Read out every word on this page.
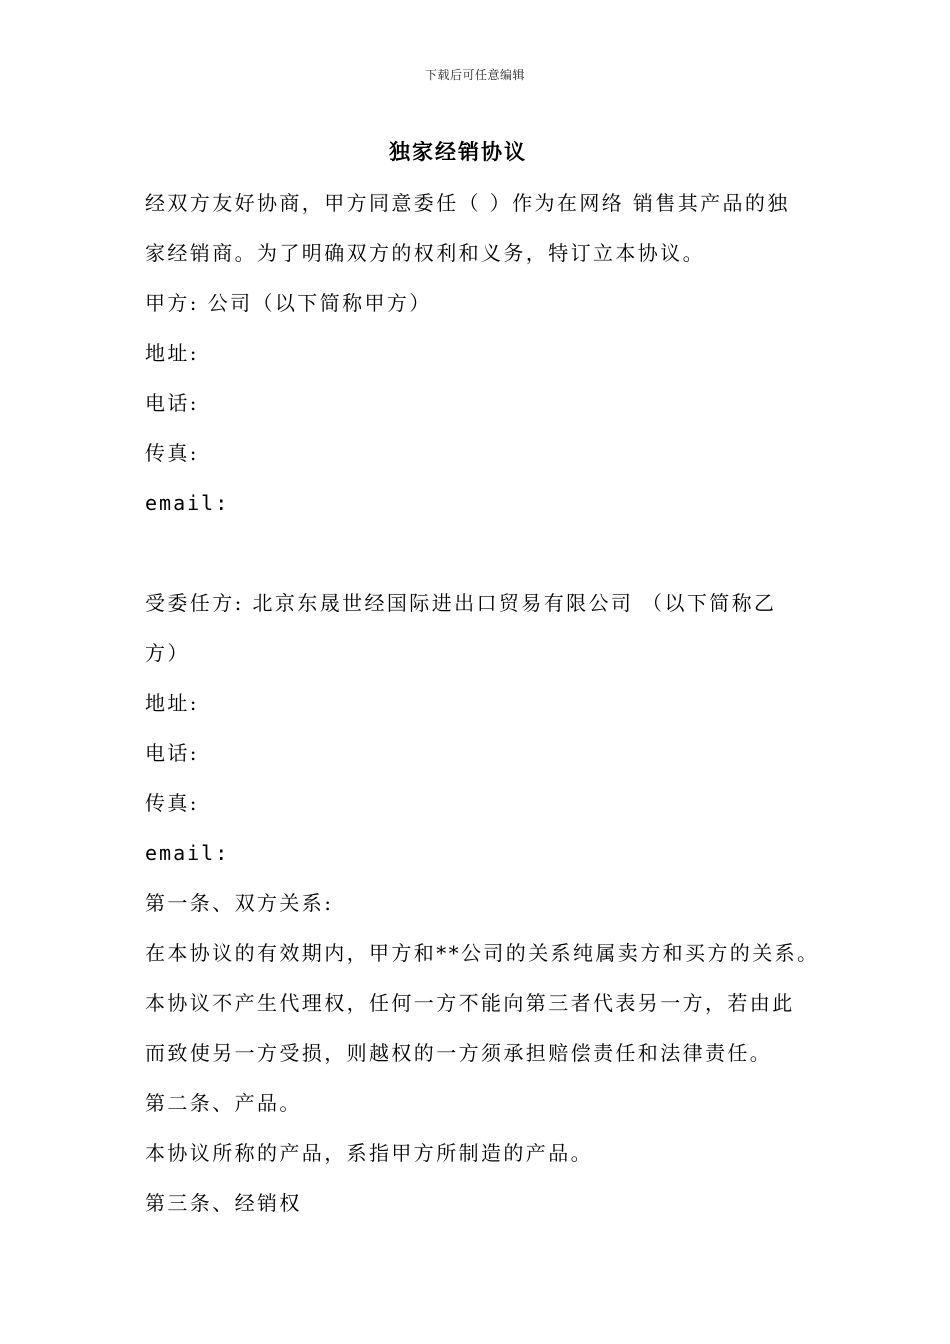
下载后可任意编辑
独家经销协议

经双方友好协商，甲方同意委任（ ）作为在网络 销售其产品的独

家经销商。为了明确双方的权利和义务，特订立本协议。

甲方: 公司（以下简称甲方）

地址:

电话:

传真:

email:

受委任方: 北京东晟世经国际进出口贸易有限公司 （以下简称乙

方）

地址:

电话:

传真:

email:

第一条、双方关系:

在本协议的有效期内，甲方和**公司的关系纯属卖方和买方的关系。

本协议不产生代理权，任何一方不能向第三者代表另一方，若由此

而致使另一方受损，则越权的一方须承担赔偿责任和法律责任。

第二条、产品。

本协议所称的产品，系指甲方所制造的产品。

第三条、经销权
